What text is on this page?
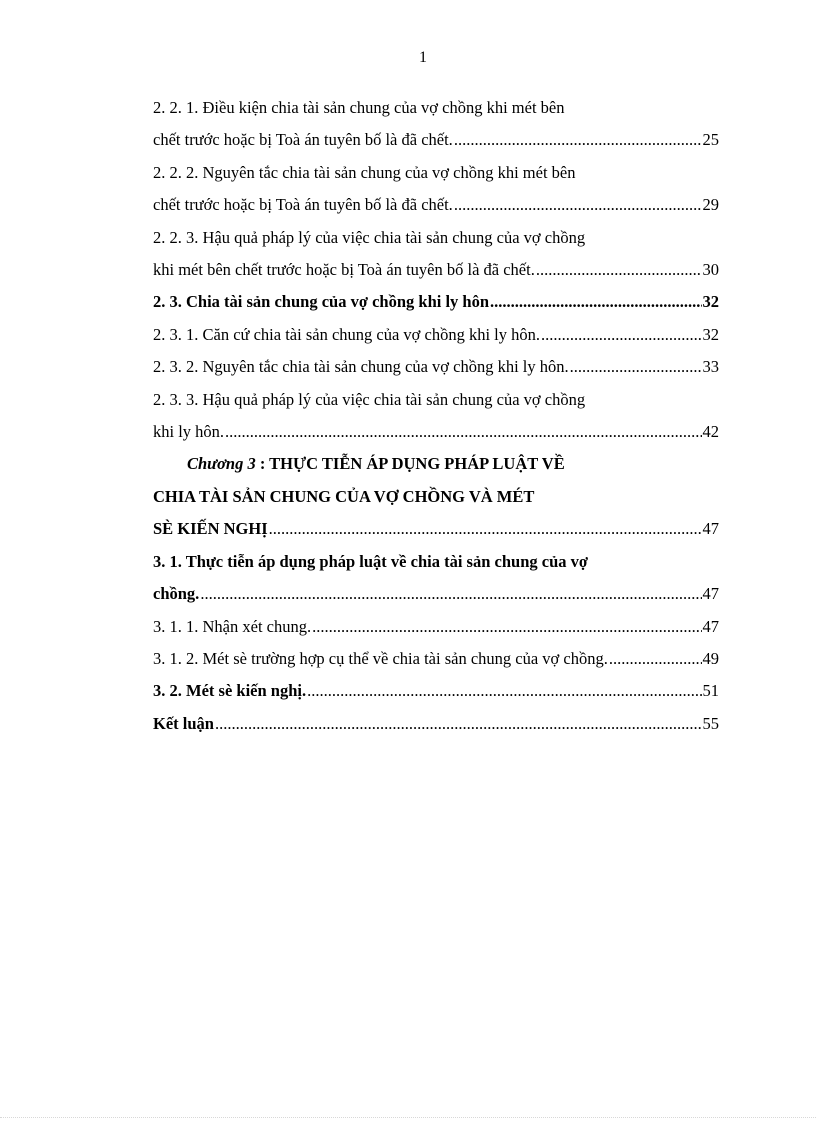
1
2. 2. 1. Điều kiện chia tài sản chung của vợ chồng khi mét bên
chết trước hoặc bị Toà án tuyên bố là đã chết. .....	25
2. 2. 2. Nguyên tắc chia tài sản chung của vợ chồng khi mét bên
chết trước hoặc bị Toà án tuyên bố là đã chết. .....	29
2. 2. 3. Hậu quả pháp lý của việc chia tài sản chung của vợ chồng
khi mét bên chết trước hoặc bị Toà án tuyên bố là đã chết. .....	30
2. 3. Chia tài sản chung của vợ chồng khi ly hôn .....	32
2. 3. 1. Căn cứ chia tài sản chung của vợ chồng khi ly hôn. .....	32
2. 3. 2. Nguyên tắc chia tài sản chung của vợ chồng khi ly hôn. .....	33
2. 3. 3. Hậu quả pháp lý của việc chia tài sản chung của vợ chồng
khi ly hôn. .....	42
Chương 3 : THỰC TIỄN ÁP DỤNG PHÁP LUẬT VỀ
CHIA TÀI SẢN CHUNG CỦA VỢ CHỒNG VÀ MÉT
SÈ KIẾN NGHỊ .....	47
3. 1. Thực tiễn áp dụng pháp luật về chia tài sản chung của vợ
chồng. .....	47
3. 1. 1. Nhận xét chung. .....	47
3. 1. 2. Mét sè trường hợp cụ thể về chia tài sản chung của vợ chồng. .....	49
3. 2. Mét sè kiến nghị. .....	51
Kết luận .....	55
